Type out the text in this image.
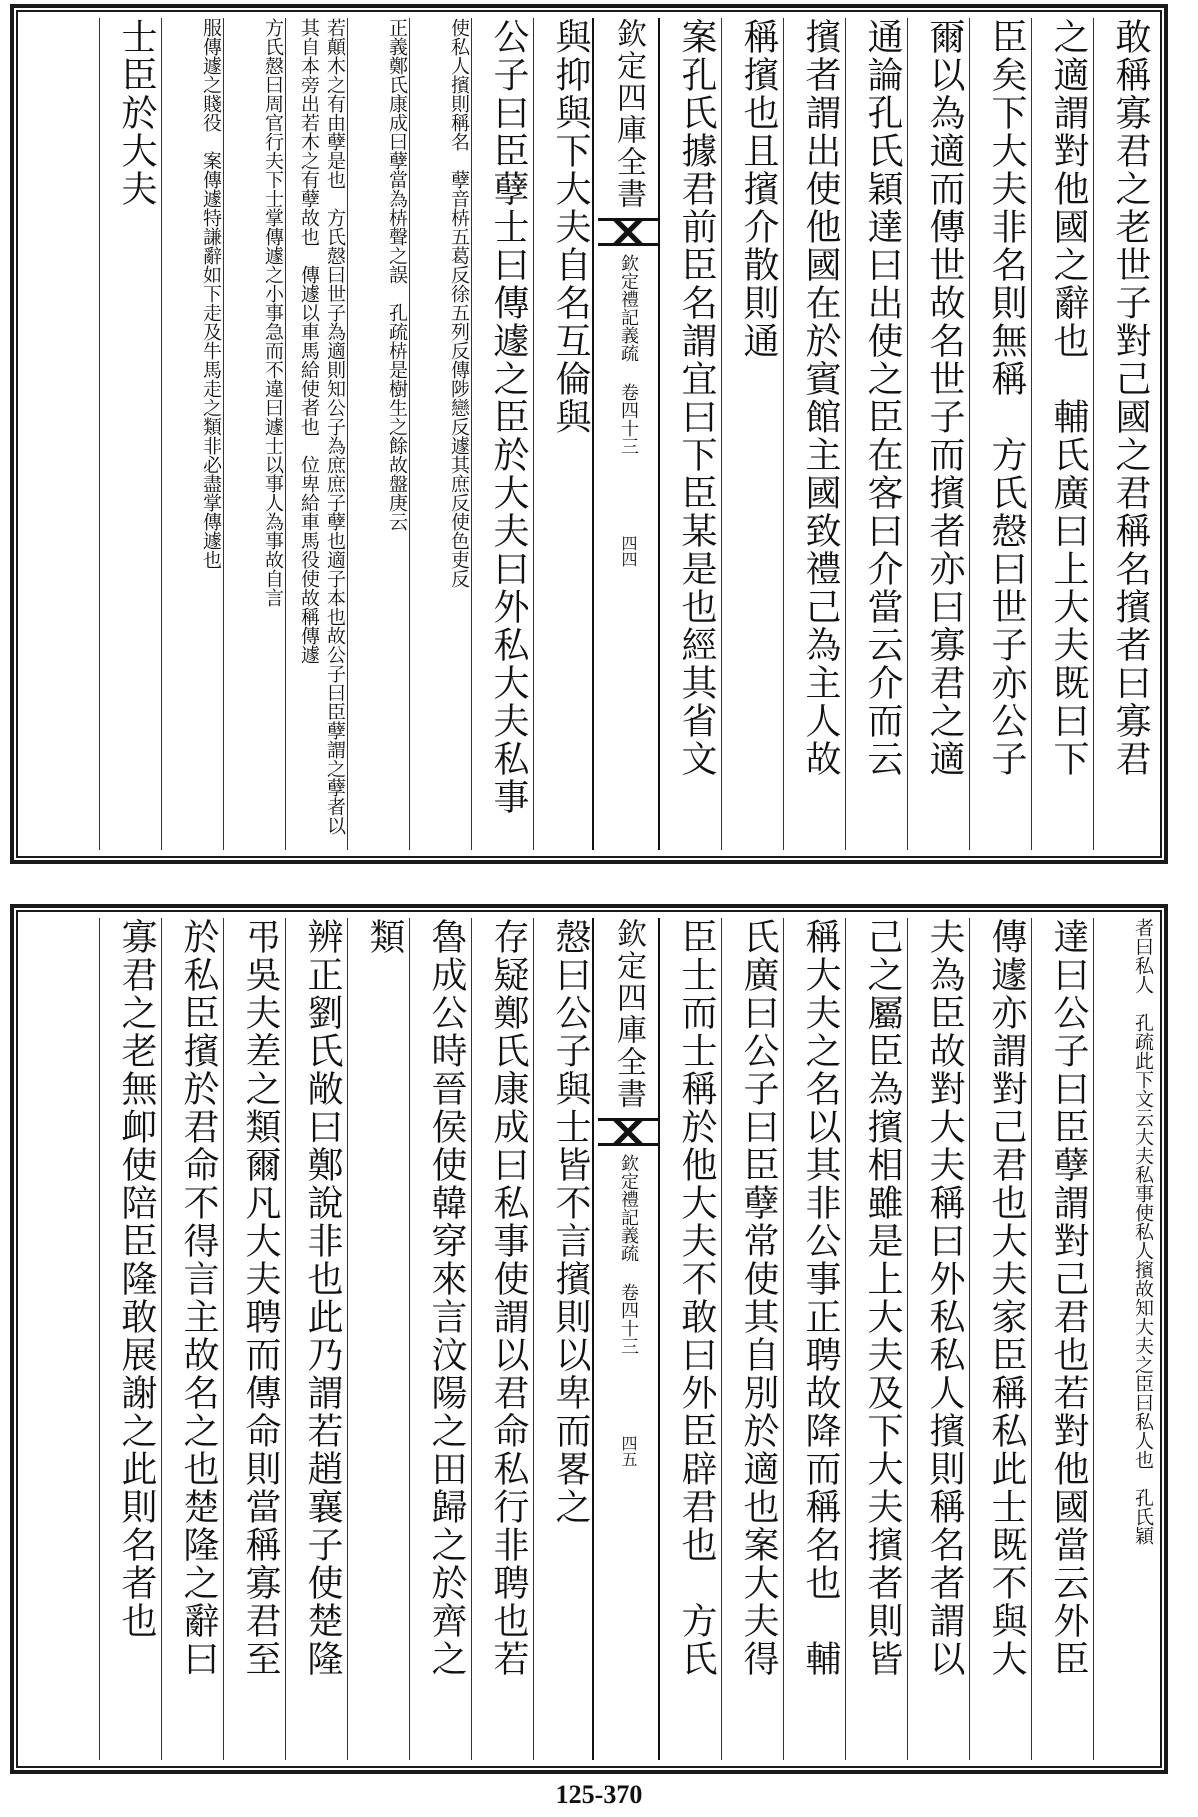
敢稱寡君之老世子對己國之君稱名擯者曰寡君
之適謂對他國之辭也　輔氏廣曰上大夫既曰下
臣矣下大夫非名則無稱　方氏慤曰世子亦公子
爾以為適而傳世故名世子而擯者亦曰寡君之適
通論孔氏穎達曰出使之臣在客曰介當云介而云
擯者謂出使他國在於賓館主國致禮己為主人故
稱擯也且擯介散則通
案孔氏據君前臣名謂宜曰下臣某是也經其省文
欽定四庫全書
欽定禮記義疏 卷四十三
四四
與抑與下大夫自名互倫與
公子曰臣孽士曰傳遽之臣於大夫曰外私大夫私事
使私人擯則稱名　孽音枿五葛反徐五列反傳陟戀反遽其庶反使色吏反
正義鄭氏康成曰孽當為枿聲之誤　孔疏枿是樹生之餘故盤庚云
若顛木之有由孽是也　方氏慤曰世子為適則知公子為庶庶子孽也適子本也故公子曰臣孽謂之孽者以其自本旁出若木之有孽故也　傳遽以車馬給使者也　位卑給車馬役使故稱傳遽
方氏慤曰周官行夫下士掌傳遽之小事急而不違曰遽士以事人為事故自言
服傳遽之賤役　案傳遽特謙辭如下走及牛馬走之類非必盡掌傳遽也
士臣於大夫
者曰私人　孔疏此下文云大夫私事使私人擯故知大夫之臣曰私人也　孔氏穎
達曰公子曰臣孽謂對己君也若對他國當云外臣
傳遽亦謂對己君也大夫家臣稱私此士既不與大
夫為臣故對大夫稱曰外私私人擯則稱名者謂以
己之屬臣為擯相雖是上大夫及下大夫擯者則皆
稱大夫之名以其非公事正聘故降而稱名也　輔
氏廣曰公子曰臣孽常使其自別於適也案大夫得
臣士而士稱於他大夫不敢曰外臣辟君也　方氏
欽定四庫全書
欽定禮記義疏 卷四十三
四五
慤曰公子與士皆不言擯則以卑而畧之
存疑鄭氏康成曰私事使謂以君命私行非聘也若
魯成公時晉侯使韓穿來言汶陽之田歸之於齊之
類
辨正劉氏敞曰鄭說非也此乃謂若趙襄子使楚隆
弔吳夫差之類爾凡大夫聘而傳命則當稱寡君至
於私臣擯於君命不得言主故名之也楚隆之辭曰
寡君之老無卹使陪臣隆敢展謝之此則名者也
125-370
